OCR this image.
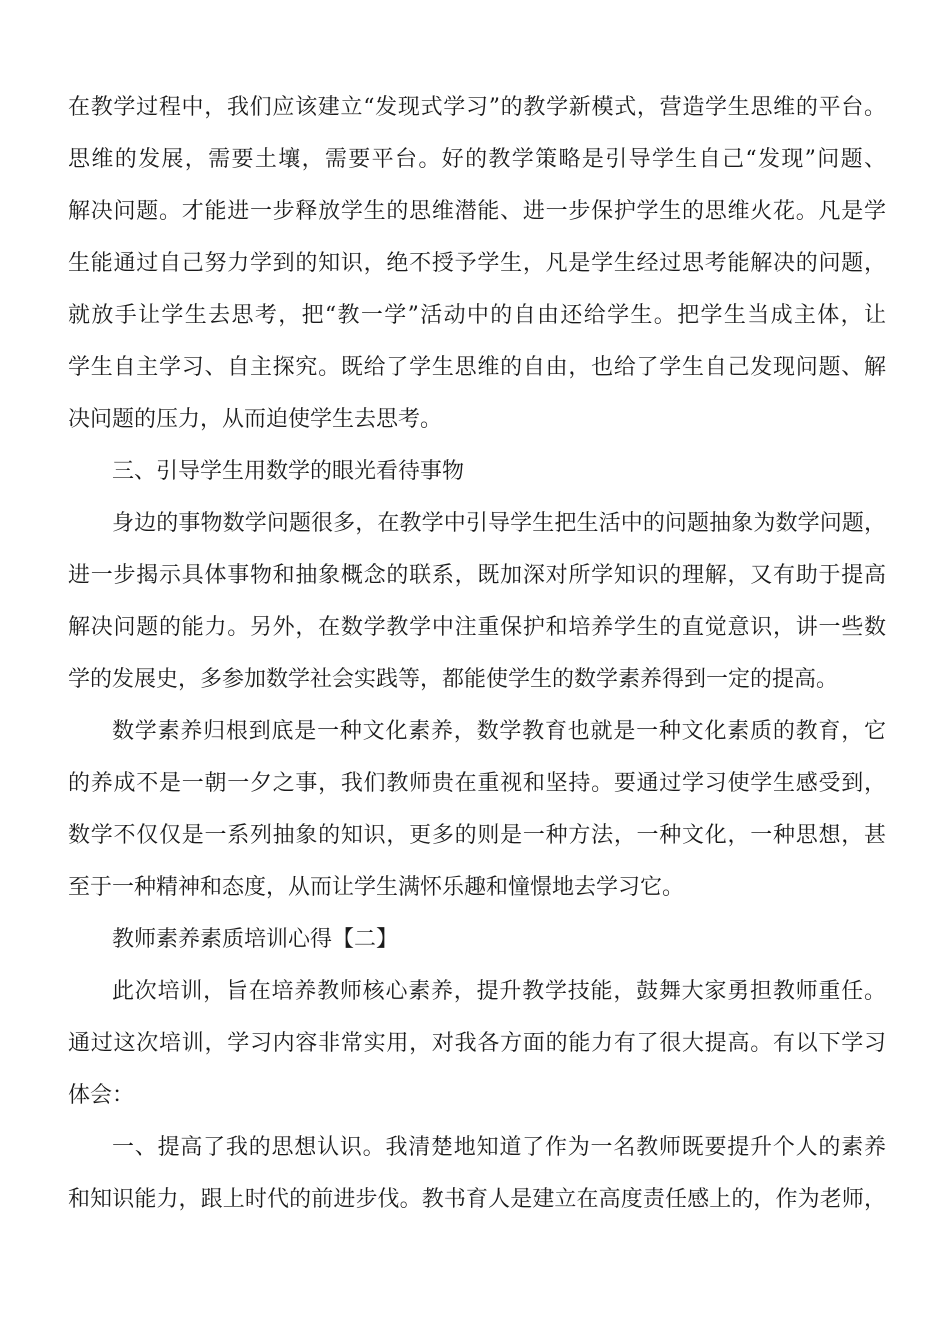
在教学过程中，我们应该建立“发现式学习”的教学新模式，营造学生思维的平台。
思维的发展，需要土壤，需要平台。好的教学策略是引导学生自己“发现”问题、
解决问题。才能进一步释放学生的思维潜能、进一步保护学生的思维火花。凡是学
生能通过自己努力学到的知识，绝不授予学生，凡是学生经过思考能解决的问题，
就放手让学生去思考，把“教一学”活动中的自由还给学生。把学生当成主体，让
学生自主学习、自主探究。既给了学生思维的自由，也给了学生自己发现问题、解
决问题的压力，从而迫使学生去思考。
三、引导学生用数学的眼光看待事物
身边的事物数学问题很多，在教学中引导学生把生活中的问题抽象为数学问题，
进一步揭示具体事物和抽象概念的联系，既加深对所学知识的理解，又有助于提高
解决问题的能力。另外，在数学教学中注重保护和培养学生的直觉意识，讲一些数
学的发展史，多参加数学社会实践等，都能使学生的数学素养得到一定的提高。
数学素养归根到底是一种文化素养，数学教育也就是一种文化素质的教育，它
的养成不是一朝一夕之事，我们教师贵在重视和坚持。要通过学习使学生感受到，
数学不仅仅是一系列抽象的知识，更多的则是一种方法，一种文化，一种思想，甚
至于一种精神和态度，从而让学生满怀乐趣和憧憬地去学习它。
教师素养素质培训心得【二】
此次培训，旨在培养教师核心素养，提升教学技能，鼓舞大家勇担教师重任。
通过这次培训，学习内容非常实用，对我各方面的能力有了很大提高。有以下学习
体会：
一、提高了我的思想认识。我清楚地知道了作为一名教师既要提升个人的素养
和知识能力，跟上时代的前进步伐。教书育人是建立在高度责任感上的，作为老师，
